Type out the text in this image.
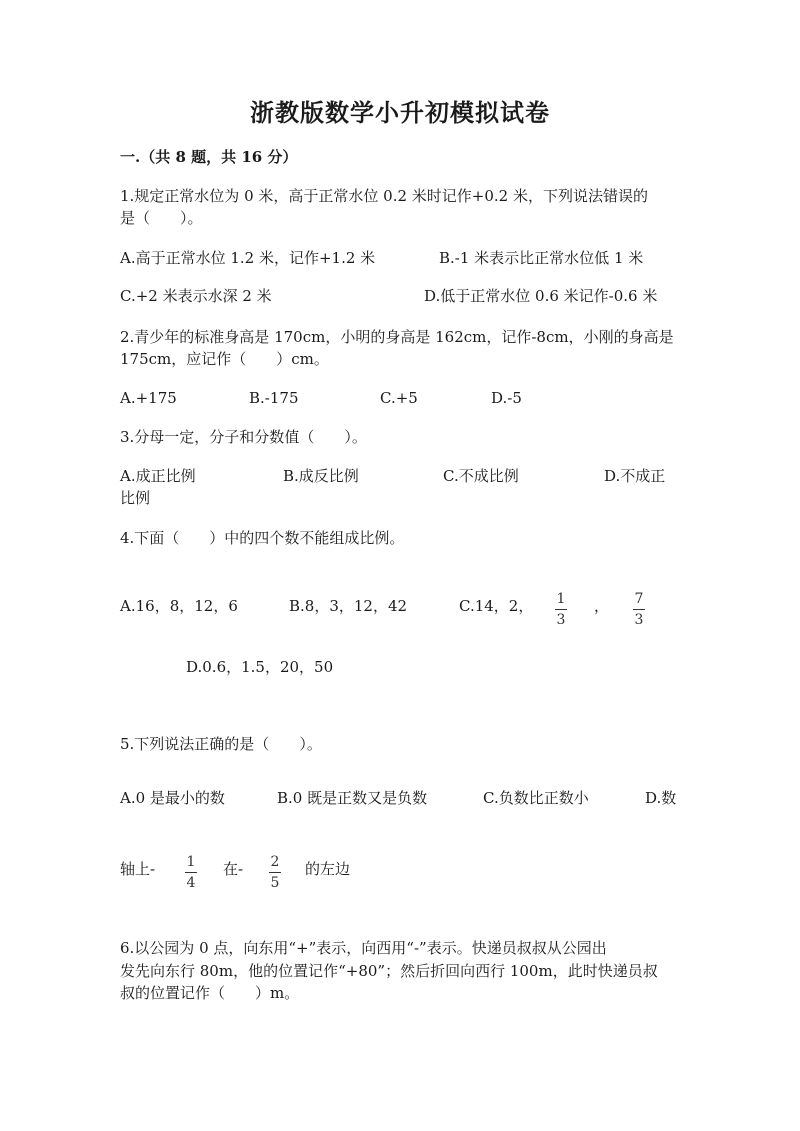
浙教版数学小升初模拟试卷
一.（共 8 题，共 16 分）
1.规定正常水位为 0 米，高于正常水位 0.2 米时记作+0.2 米，下列说法错误的
是（　　）。
A.高于正常水位 1.2 米，记作+1.2 米	B.-1 米表示比正常水位低 1 米
C.+2 米表示水深 2 米	D.低于正常水位 0.6 米记作-0.6 米
2.青少年的标准身高是 170cm，小明的身高是 162cm，记作-8cm，小刚的身高是
175cm，应记作（　　）cm。
A.+175	B.-175	C.+5	D.-5
3.分母一定，分子和分数值（　　）。
A.成正比例	B.成反比例	C.不成比例	D.不成正
比例
4.下面（　　）中的四个数不能组成比例。
A.16，8，12，6	B.8，3，12，42	C.14，2， 1
3
， 7
3
D.0.6，1.5，20，50
5.下列说法正确的是（　　）。
A.0 是最小的数	B.0 既是正数又是负数	C.负数比正数小	D.数
轴上- 1
4
在- 2
5
的左边
6.以公园为 0 点，向东用“+”表示，向西用“-”表示。快递员叔叔从公园出
发先向东行 80m，他的位置记作“+80”；然后折回向西行 100m，此时快递员叔
叔的位置记作（　　）m。
